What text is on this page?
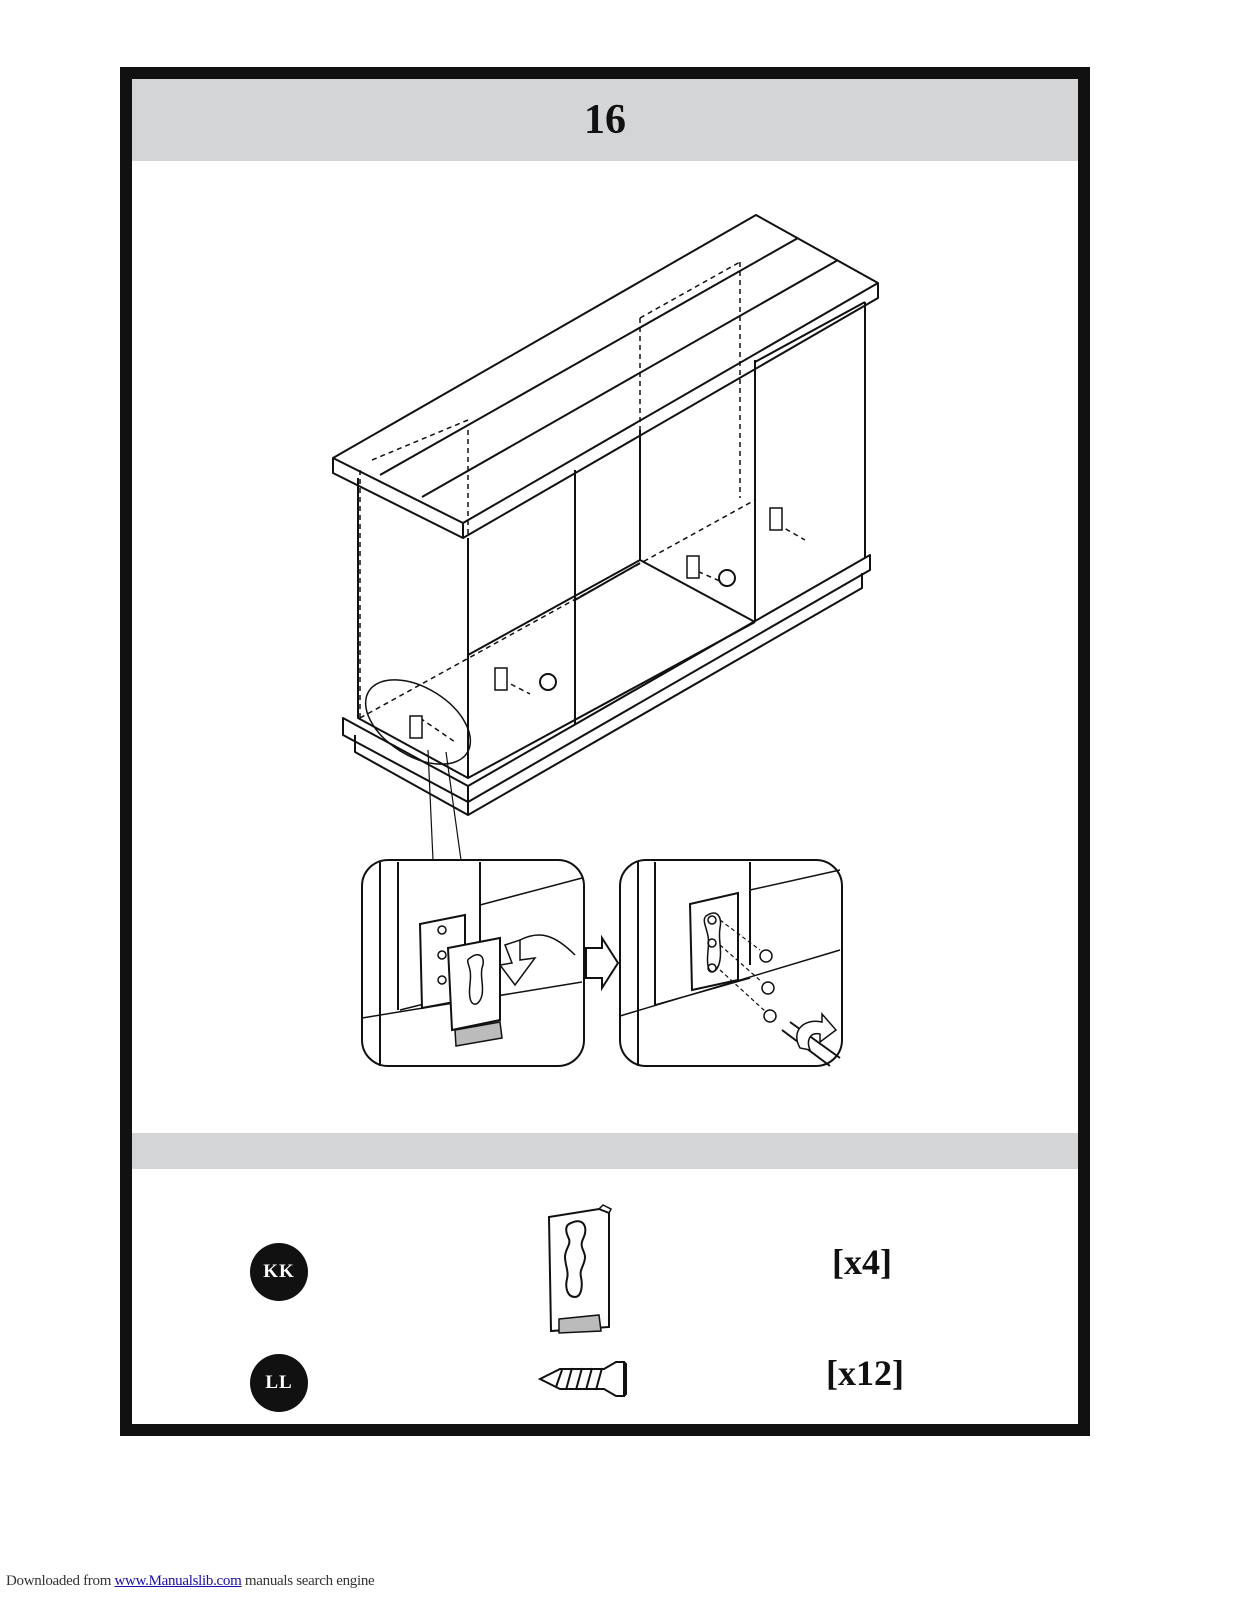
16
KK	[x4]
LL	[x12]
Downloaded from www.Manualslib.com manuals search engine
